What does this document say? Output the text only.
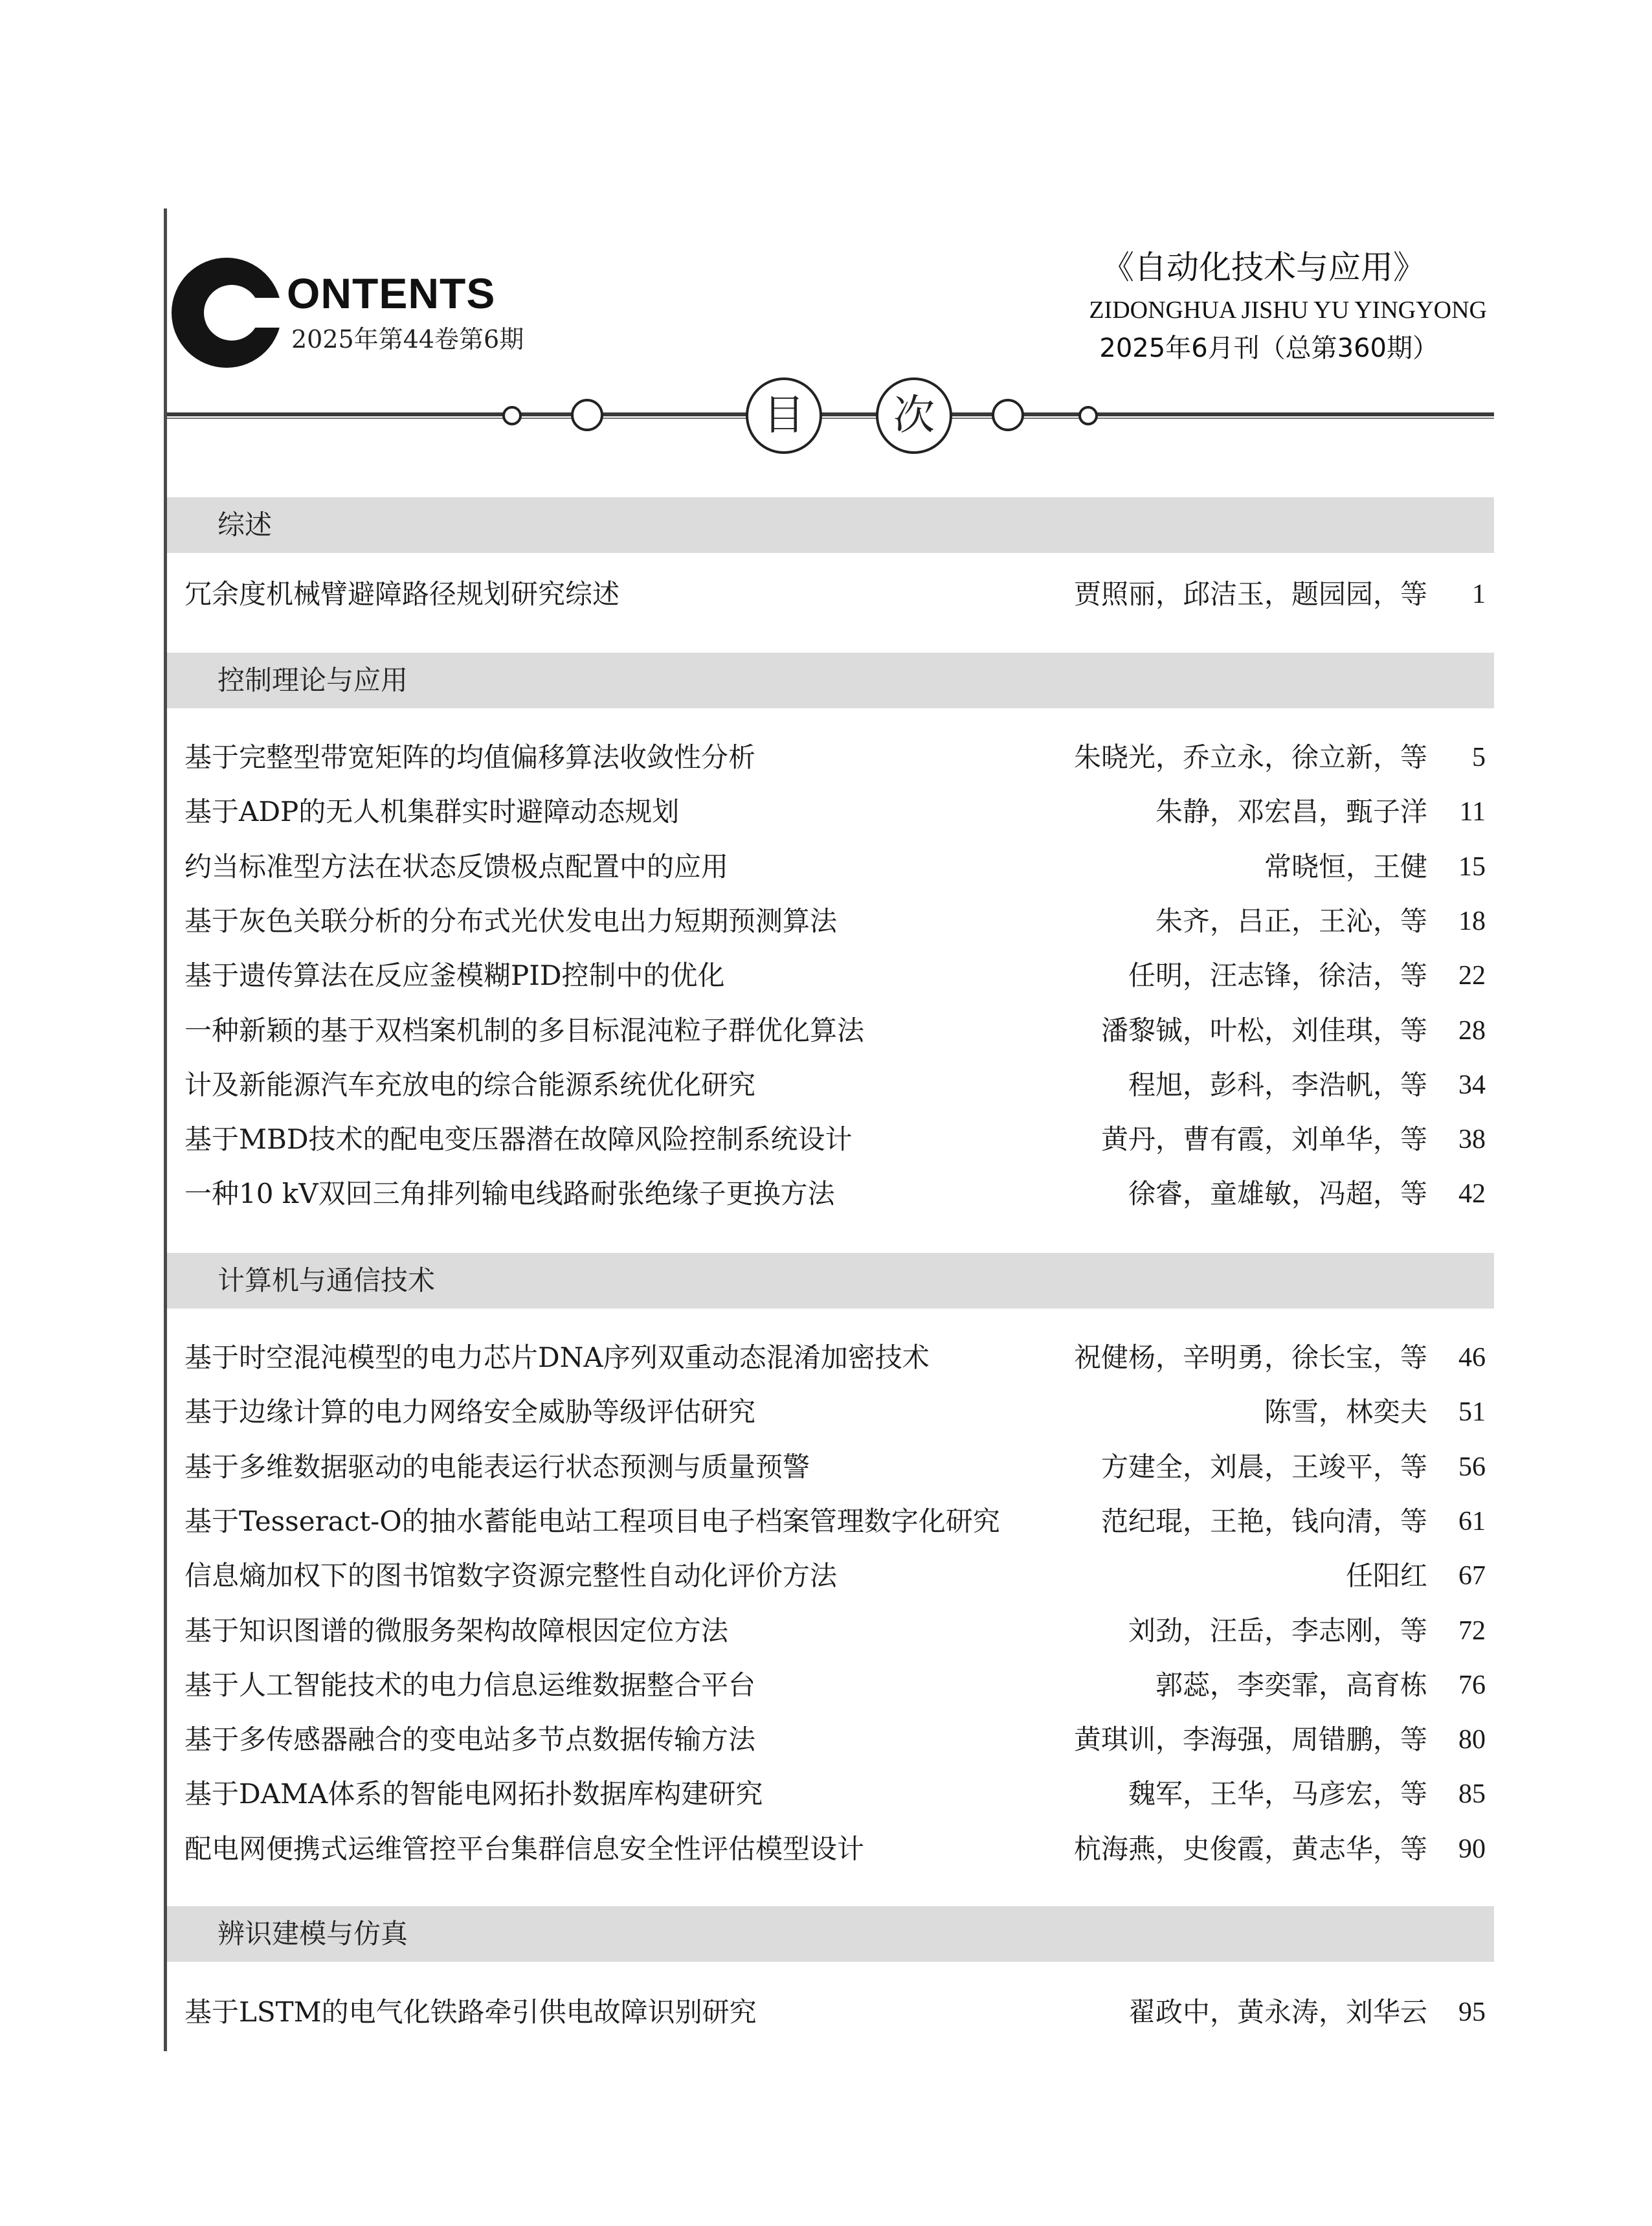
ONTENTS
2025年第44卷第6期
《自动化技术与应用》
ZIDONGHUA JISHU YU YINGYONG
2025年6月刊（总第360期）
目	次
综述
冗余度机械臂避障路径规划研究综述	贾照丽，邱洁玉，题园园，等	1
控制理论与应用
基于完整型带宽矩阵的均值偏移算法收敛性分析	朱晓光，乔立永，徐立新，等	5
基于ADP的无人机集群实时避障动态规划	朱静，邓宏昌，甄子洋	11
约当标准型方法在状态反馈极点配置中的应用	常晓恒，王健	15
基于灰色关联分析的分布式光伏发电出力短期预测算法	朱齐，吕正，王沁，等	18
基于遗传算法在反应釜模糊PID控制中的优化	任明，汪志锋，徐洁，等	22
一种新颖的基于双档案机制的多目标混沌粒子群优化算法	潘黎铖，叶松，刘佳琪，等	28
计及新能源汽车充放电的综合能源系统优化研究	程旭，彭科，李浩帆，等	34
基于MBD技术的配电变压器潜在故障风险控制系统设计	黄丹，曹有霞，刘单华，等	38
一种10 kV双回三角排列输电线路耐张绝缘子更换方法	徐睿，童雄敏，冯超，等	42
计算机与通信技术
基于时空混沌模型的电力芯片DNA序列双重动态混淆加密技术	祝健杨，辛明勇，徐长宝，等	46
基于边缘计算的电力网络安全威胁等级评估研究	陈雪，林奕夫	51
基于多维数据驱动的电能表运行状态预测与质量预警	方建全，刘晨，王竣平，等	56
基于Tesseract-O的抽水蓄能电站工程项目电子档案管理数字化研究	范纪琨，王艳，钱向清，等	61
信息熵加权下的图书馆数字资源完整性自动化评价方法	任阳红	67
基于知识图谱的微服务架构故障根因定位方法	刘劲，汪岳，李志刚，等	72
基于人工智能技术的电力信息运维数据整合平台	郭蕊，李奕霏，高育栋	76
基于多传感器融合的变电站多节点数据传输方法	黄琪训，李海强，周错鹏，等	80
基于DAMA体系的智能电网拓扑数据库构建研究	魏军，王华，马彦宏，等	85
配电网便携式运维管控平台集群信息安全性评估模型设计	杭海燕，史俊霞，黄志华，等	90
辨识建模与仿真
基于LSTM的电气化铁路牵引供电故障识别研究	翟政中，黄永涛，刘华云	95
